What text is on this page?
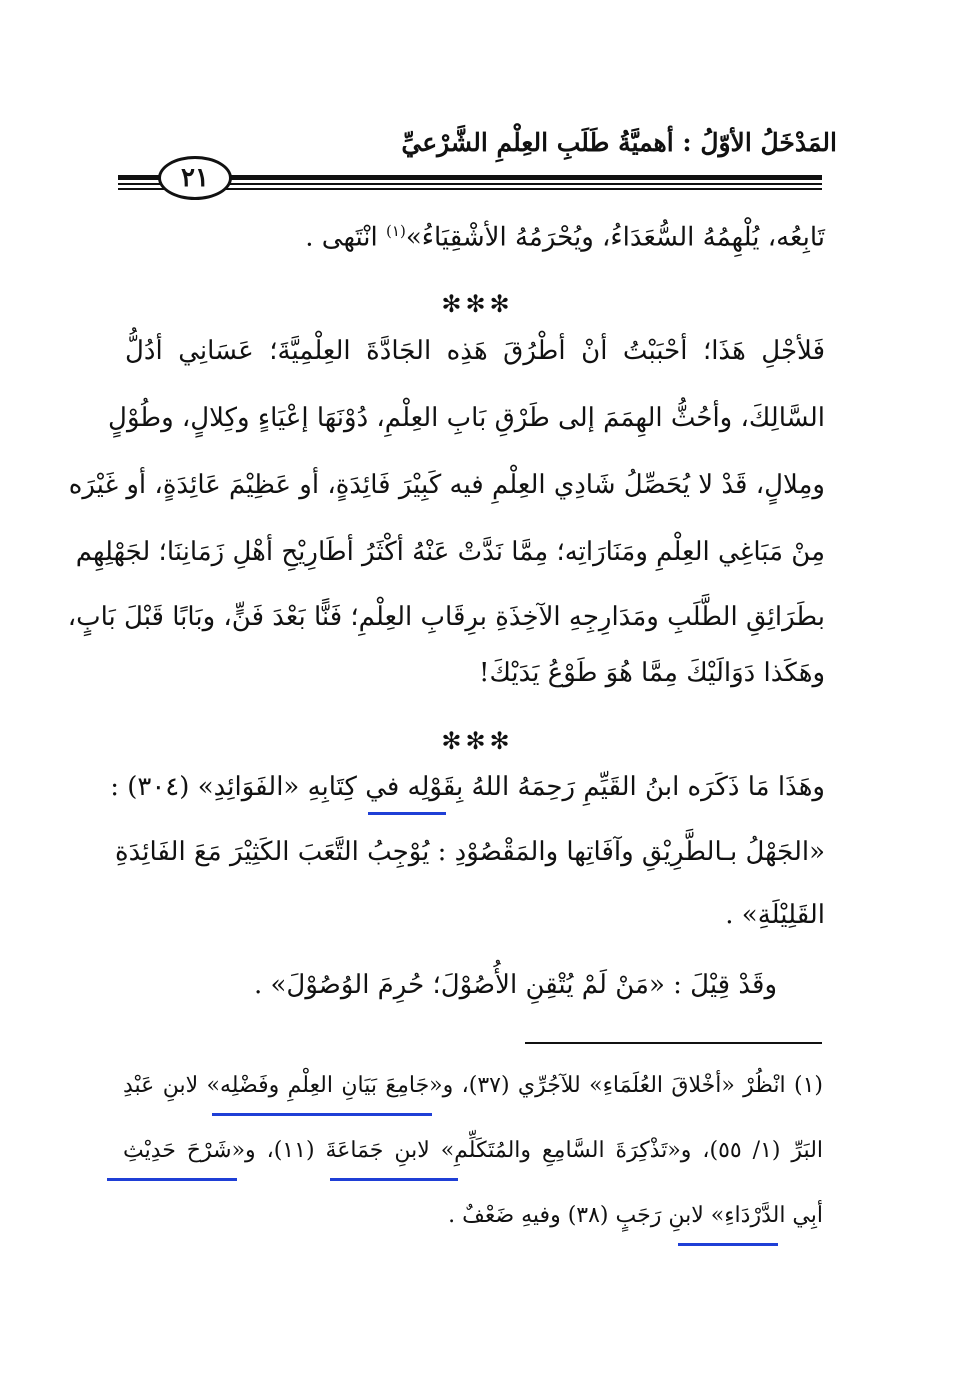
المَدْخَلُ الأوّلُ : أهميَّةُ طَلَبِ العِلْمِ الشَّرْعيِّ
٢١
تَابِعُه، يُلْهِمُهُ السُّعَدَاءُ، ويُحْرَمُهُ الأشْقِيَاءُ»$^{(١)}$ انْتَهى .
✻✻✻
فَلأجْلِ هَذَا؛ أحْبَبْتُ أنْ أطْرُقَ هَذِه الجَادَّةَ العِلْمِيَّةَ؛ عَسَانِي أدُلُّ
السَّالِكَ، وأحُثُّ الهِمَمَ إلى طَرْقِ بَابِ العِلْمِ، دُوْنَهَا إعْيَاءٍ وكِلالٍ، وطُوْلٍ
ومِلالٍ، قَدْ لا يُحَصِّلُ شَادِي العِلْمِ فيه كَبِيْرَ فَائِدَةٍ، أو عَظِيْمَ عَائِدَةٍ، أو غَيْرَه
مِنْ مَبَاغِي العِلْمِ ومَنَارَاتِه؛ مِمَّا نَدَّتْ عَنْهُ أكْثَرُ أطَارِيْحِ أهْلِ زَمَانِنَا؛ لجَهْلِهِم
بطَرَائِقِ الطَّلَبِ ومَدَارِجِهِ الآخِذَةِ برِقَابِ العِلْمِ؛ فَنًّا بَعْدَ فَنٍّ، وبَابًا قَبْلَ بَابٍ،
وهَكَذا دَوَالَيْكَ مِمَّا هُوَ طَوْعُ يَدَيْكَ!
✻✻✻
وهَذَا مَا ذَكَرَه ابنُ القَيِّمِ رَحِمَهُ اللهُ بِقَوْلِه في كِتَابِهِ «الفَوَائِدِ» (٣٠٤) :
«الجَهْلُ بـالطَّرِيْقِ وآفَاتِها والمَقْصُوْدِ : يُوْجِبُ التَّعَبَ الكَثِيْرَ مَعَ الفَائِدَةِ
القَلِيْلَةِ» .
وقَدْ قِيْلَ : «مَنْ لَمْ يُتْقِنِ الأُصُوْلَ؛ حُرِمَ الوُصُوْلَ» .
(١) انْظُرْ «أخْلاقَ العُلَمَاءِ» للآجُرِّي (٣٧)، و«جَامِعَ بَيَانِ العِلْمِ وفَضْلِه» لابنِ عَبْدِ
البَرِّ (١/ ٥٥)، و«تَذْكِرَةَ السَّامِعِ والمُتَكَلِّمِ» لابنِ جَمَاعَةَ (١١)، و«شَرْحَ حَدِيْثِ
أبِي الدَّرْدَاءِ» لابنِ رَجَبٍ (٣٨) وفيهِ ضَعْفٌ .
